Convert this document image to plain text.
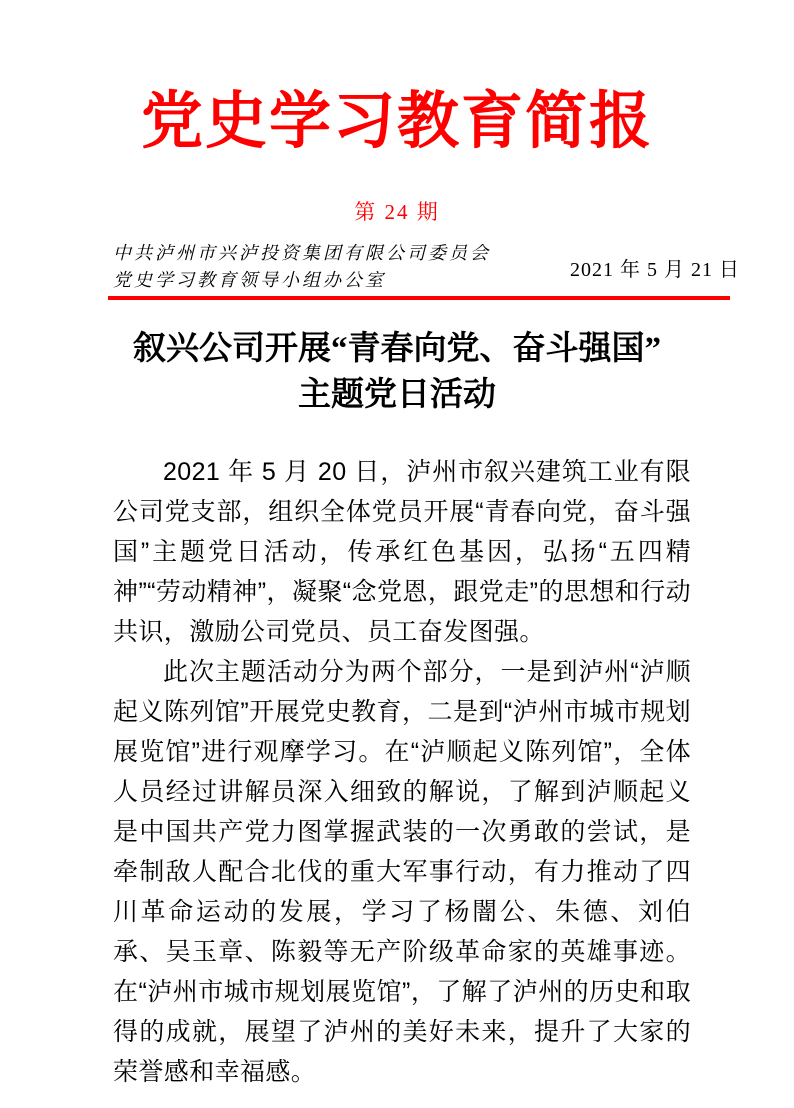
党史学习教育简报
第 24 期
中共泸州市兴泸投资集团有限公司委员会
党史学习教育领导小组办公室	2021 年 5 月 21 日
叙兴公司开展“青春向党、奋斗强国”
主题党日活动

2021 年 5 月 20 日，泸州市叙兴建筑工业有限公司党支部，组织全体党员开展“青春向党，奋斗强国”主题党日活动，传承红色基因，弘扬“五四精神”“劳动精神”，凝聚“念党恩，跟党走”的思想和行动共识，激励公司党员、员工奋发图强。

此次主题活动分为两个部分，一是到泸州“泸顺起义陈列馆”开展党史教育，二是到“泸州市城市规划展览馆”进行观摩学习。在“泸顺起义陈列馆”，全体人员经过讲解员深入细致的解说，了解到泸顺起义是中国共产党力图掌握武装的一次勇敢的尝试，是牵制敌人配合北伐的重大军事行动，有力推动了四川革命运动的发展，学习了杨闇公、朱德、刘伯承、吴玉章、陈毅等无产阶级革命家的英雄事迹。在“泸州市城市规划展览馆”，了解了泸州的历史和取得的成就，展望了泸州的美好未来，提升了大家的荣誉感和幸福感。
